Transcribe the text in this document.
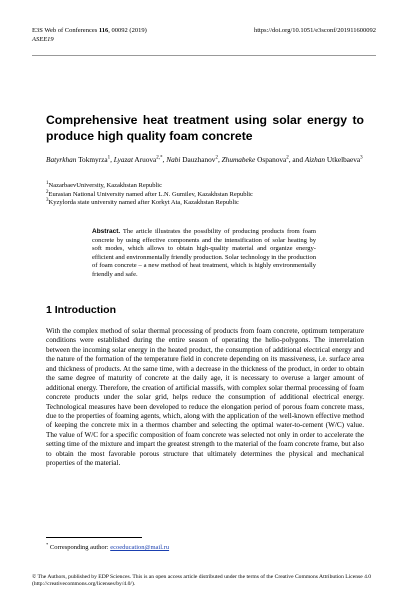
E3S Web of Conferences 116, 00092 (2019)
ASEE19
https://doi.org/10.1051/e3sconf/201911600092
Comprehensive heat treatment using solar energy to produce high quality foam concrete
Batyrkhan Tokmyrza$^1$, Lyazat Aruova$^{2,*}$, Nabi Dauzhanov$^2$, Zhumabeke Ospanova$^2$, and Aizhan Utkelbaeva$^3$
$^1$NazarbaevUniversity, Kazakhstan Republic
$^2$Eurasian National University named after L.N. Gumilev, Kazakhstan Republic
$^3$Kyzylorda state university named after Korkyt Ata, Kazakhstan Republic
Abstract. The article illustrates the possibility of producing products from foam concrete by using effective components and the intensification of solar heating by soft modes, which allows to obtain high-quality material and organize energy-efficient and environmentally friendly production. Solar technology in the production of foam concrete – a new method of heat treatment, which is highly environmentally friendly and safe.
1 Introduction
With the complex method of solar thermal processing of products from foam concrete, optimum temperature conditions were established during the entire season of operating the helio-polygons. The interrelation between the incoming solar energy in the heated product, the consumption of additional electrical energy and the nature of the formation of the temperature field in concrete depending on its massiveness, i.e. surface area and thickness of products. At the same time, with a decrease in the thickness of the product, in order to obtain the same degree of maturity of concrete at the daily age, it is necessary to overuse a larger amount of additional energy. Therefore, the creation of artificial massifs, with complex solar thermal processing of foam concrete products under the solar grid, helps reduce the consumption of additional electrical energy. Technological measures have been developed to reduce the elongation period of porous foam concrete mass, due to the properties of foaming agents, which, along with the application of the well-known effective method of keeping the concrete mix in a thermos chamber and selecting the optimal water-to-cement (W/C) value. The value of W/C for a specific composition of foam concrete was selected not only in order to accelerate the setting time of the mixture and impart the greatest strength to the material of the foam concrete frame, but also to obtain the most favorable porous structure that ultimately determines the physical and mechanical properties of the material.
* Corresponding author: ecoeducation@mail.ru
© The Authors, published by EDP Sciences. This is an open access article distributed under the terms of the Creative Commons Attribution License 4.0 (http://creativecommons.org/licenses/by/4.0/).
